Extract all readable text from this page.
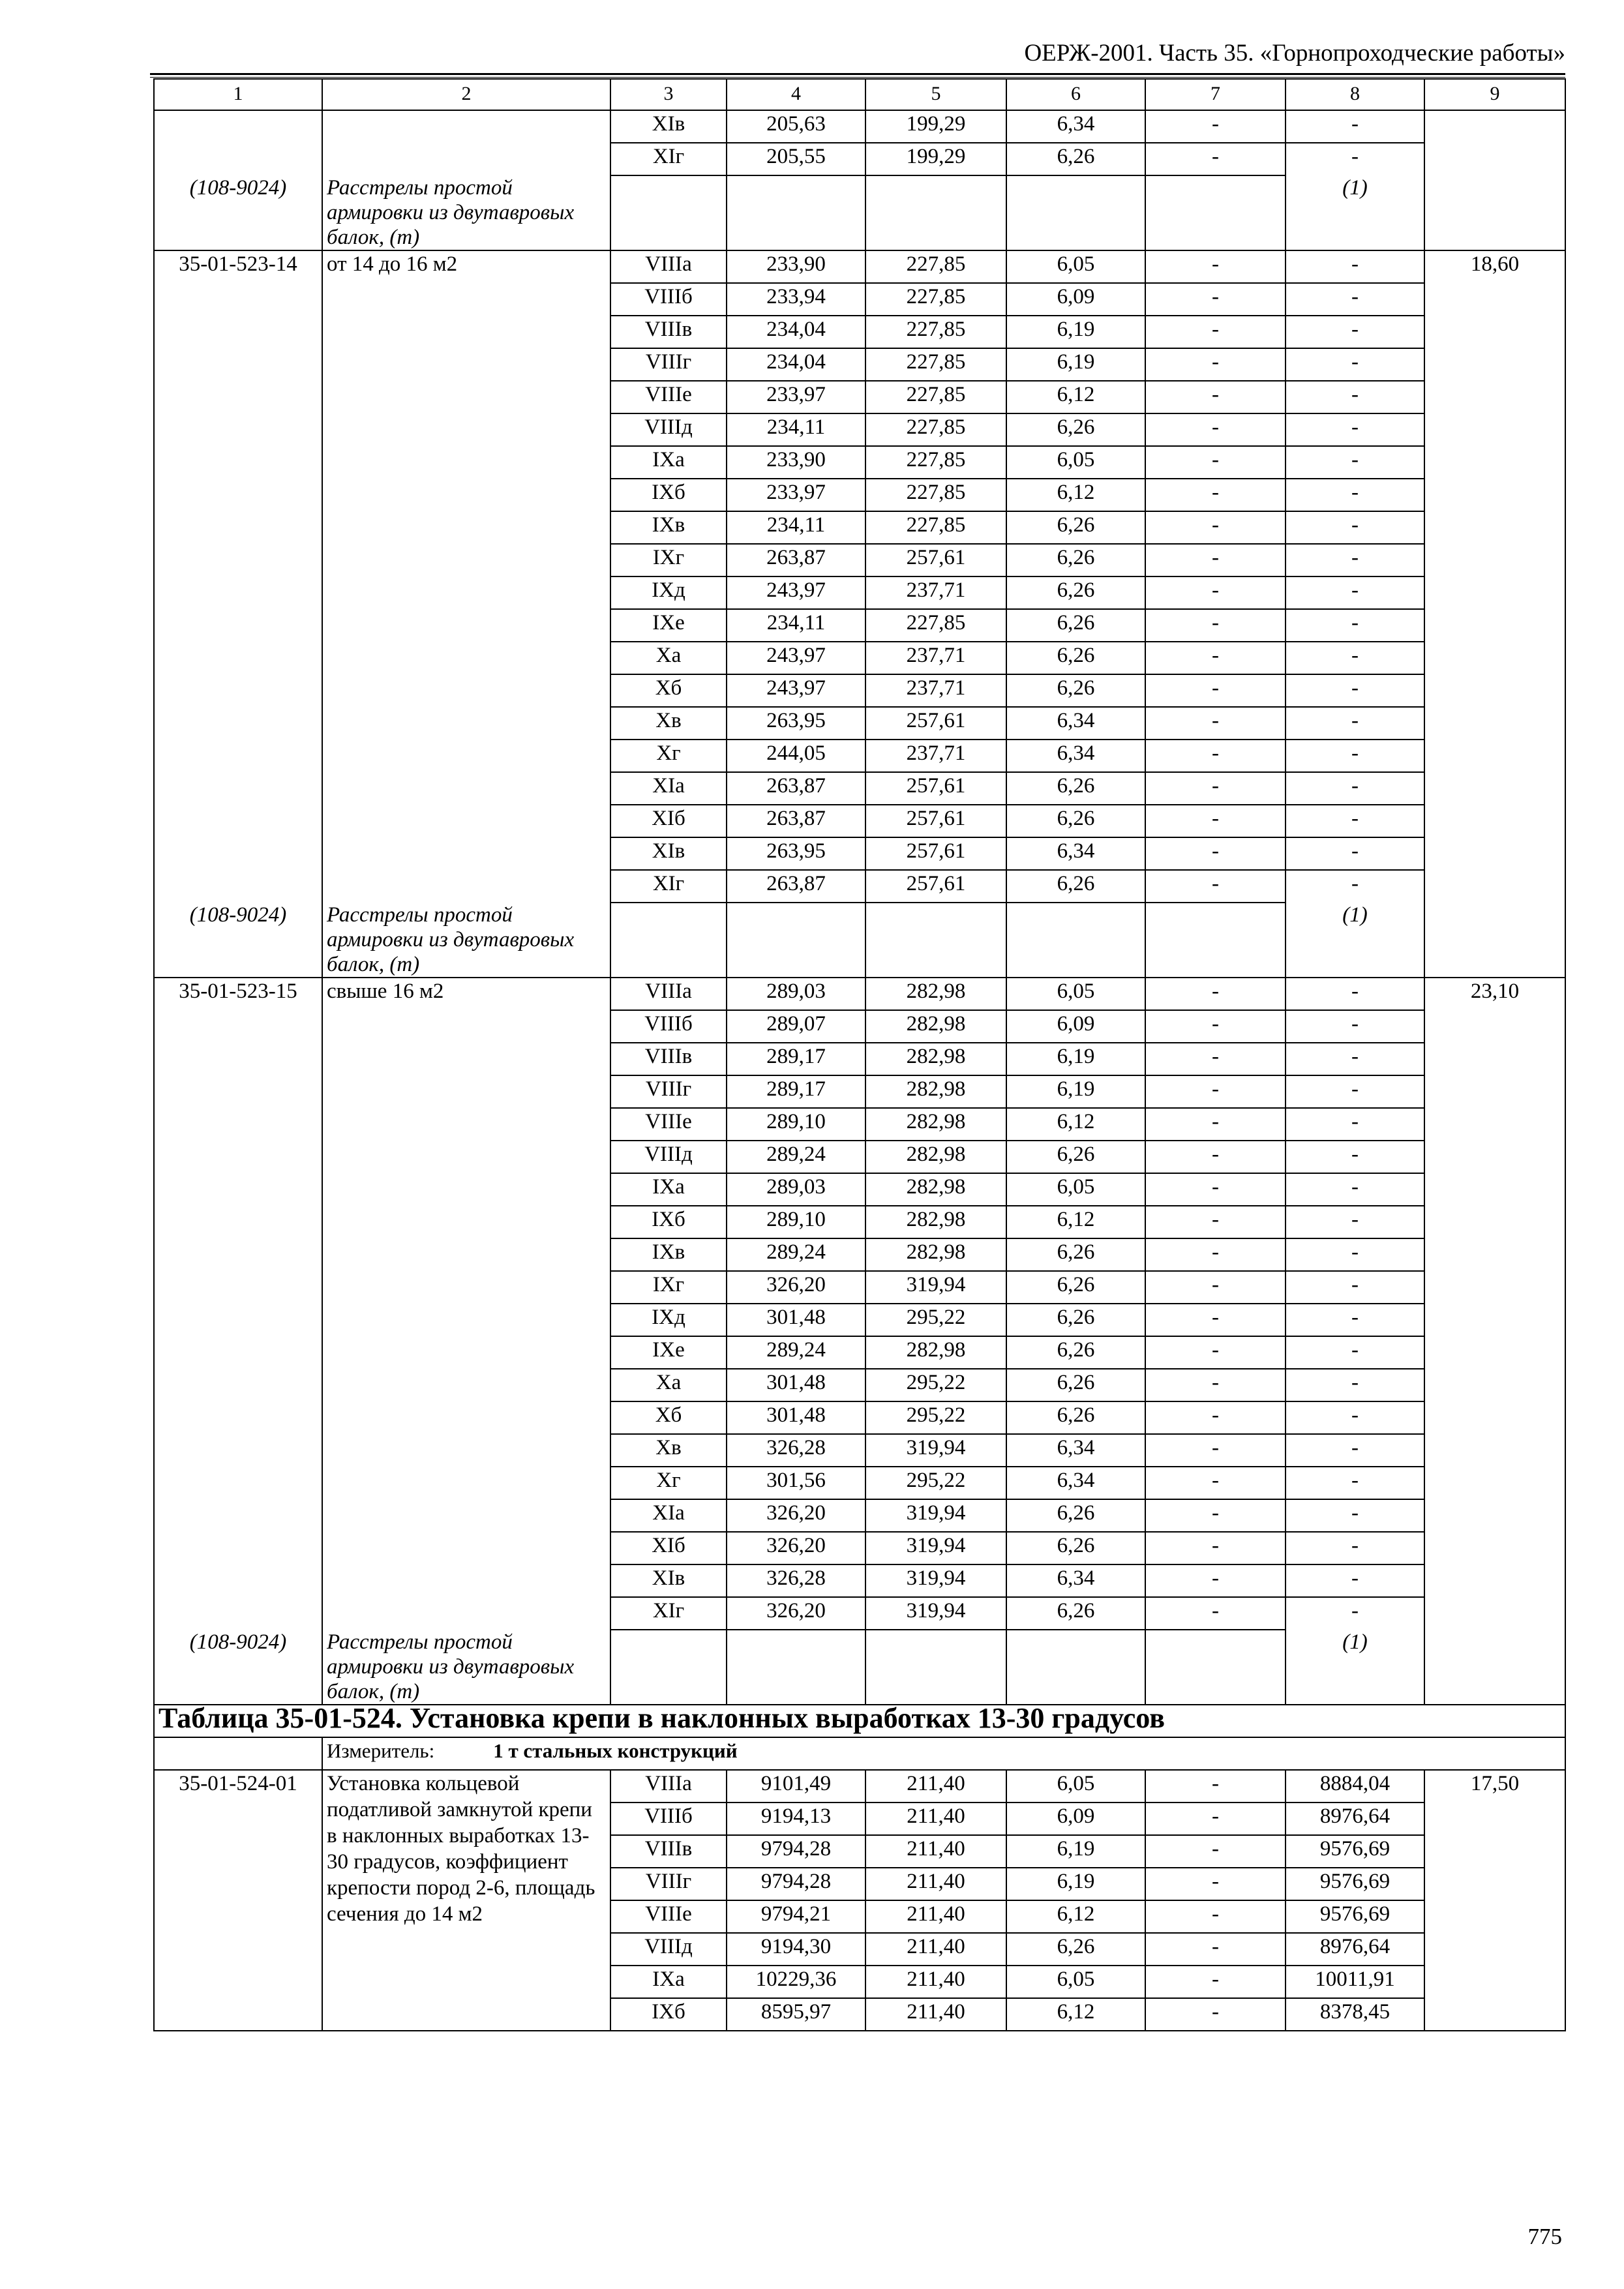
ОЕРЖ-2001. Часть 35. «Горнопроходческие работы»
1	2	3	4	5	6	7	8	9
		XIв	205,63	199,29	6,34	-	-	
		XIг	205,55	199,29	6,26	-	-	
(108-9024)	Расстрелы простой армировки из двутавровых балок, (т)						(1)	
35-01-523-14	от 14 до 16 м2	VIIIа	233,90	227,85	6,05	-	-	18,60
		VIIIб	233,94	227,85	6,09	-	-	
		VIIIв	234,04	227,85	6,19	-	-	
		VIIIг	234,04	227,85	6,19	-	-	
		VIIIе	233,97	227,85	6,12	-	-	
		VIIIд	234,11	227,85	6,26	-	-	
		IXа	233,90	227,85	6,05	-	-	
		IXб	233,97	227,85	6,12	-	-	
		IXв	234,11	227,85	6,26	-	-	
		IXг	263,87	257,61	6,26	-	-	
		IXд	243,97	237,71	6,26	-	-	
		IXе	234,11	227,85	6,26	-	-	
		Xа	243,97	237,71	6,26	-	-	
		Xб	243,97	237,71	6,26	-	-	
		Xв	263,95	257,61	6,34	-	-	
		Xг	244,05	237,71	6,34	-	-	
		XIа	263,87	257,61	6,26	-	-	
		XIб	263,87	257,61	6,26	-	-	
		XIв	263,95	257,61	6,34	-	-	
		XIг	263,87	257,61	6,26	-	-	
(108-9024)	Расстрелы простой армировки из двутавровых балок, (т)						(1)	
35-01-523-15	свыше 16 м2	VIIIа	289,03	282,98	6,05	-	-	23,10
		VIIIб	289,07	282,98	6,09	-	-	
		VIIIв	289,17	282,98	6,19	-	-	
		VIIIг	289,17	282,98	6,19	-	-	
		VIIIе	289,10	282,98	6,12	-	-	
		VIIIд	289,24	282,98	6,26	-	-	
		IXа	289,03	282,98	6,05	-	-	
		IXб	289,10	282,98	6,12	-	-	
		IXв	289,24	282,98	6,26	-	-	
		IXг	326,20	319,94	6,26	-	-	
		IXд	301,48	295,22	6,26	-	-	
		IXе	289,24	282,98	6,26	-	-	
		Xа	301,48	295,22	6,26	-	-	
		Xб	301,48	295,22	6,26	-	-	
		Xв	326,28	319,94	6,34	-	-	
		Xг	301,56	295,22	6,34	-	-	
		XIа	326,20	319,94	6,26	-	-	
		XIб	326,20	319,94	6,26	-	-	
		XIв	326,28	319,94	6,34	-	-	
		XIг	326,20	319,94	6,26	-	-	
(108-9024)	Расстрелы простой армировки из двутавровых балок, (т)						(1)	
Таблица 35-01-524. Установка крепи в наклонных выработках 13-30 градусов								
	Измеритель: 1 т стальных конструкций							
35-01-524-01	Установка кольцевой податливой замкнутой крепи в наклонных выработках 13-30 градусов, коэффициент крепости пород 2-6, площадь сечения до 14 м2	VIIIа	9101,49	211,40	6,05	-	8884,04	17,50
		VIIIб	9194,13	211,40	6,09	-	8976,64	
		VIIIв	9794,28	211,40	6,19	-	9576,69	
		VIIIг	9794,28	211,40	6,19	-	9576,69	
		VIIIе	9794,21	211,40	6,12	-	9576,69	
		VIIIд	9194,30	211,40	6,26	-	8976,64	
		IXа	10229,36	211,40	6,05	-	10011,91	
		IXб	8595,97	211,40	6,12	-	8378,45	
775
